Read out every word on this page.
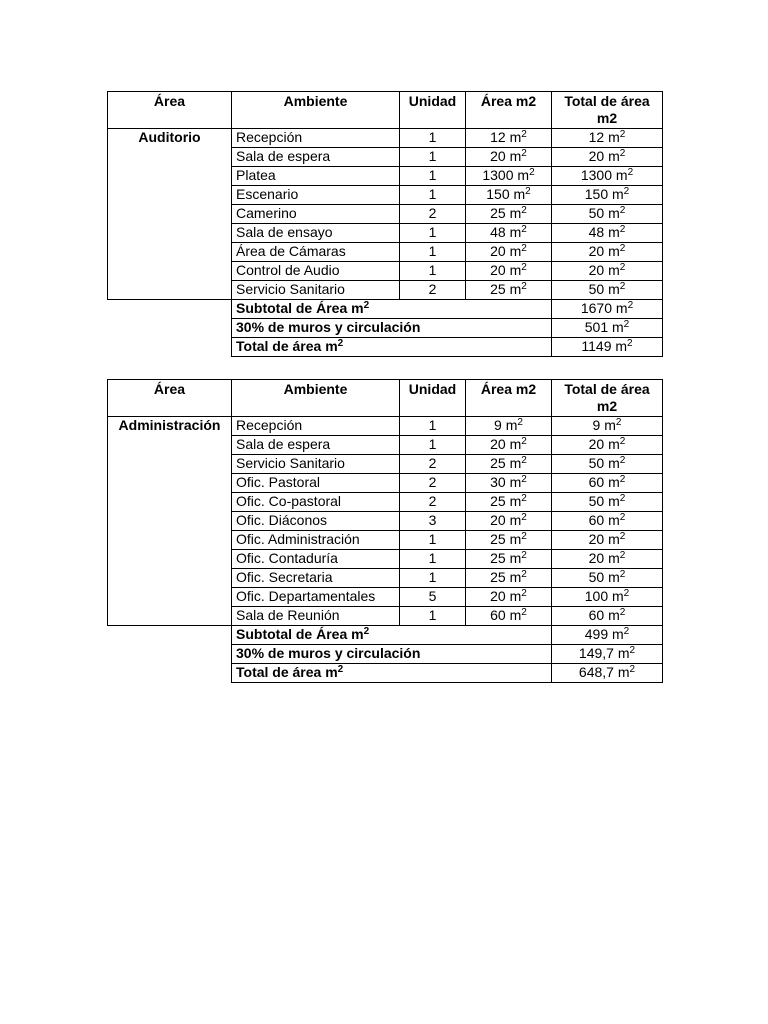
Área	Ambiente	Unidad	Área m2	Total de área m2
Auditorio	Recepción	1	12 $m^2$	12 $m^2$
	Sala de espera	1	20 $m^2$	20 $m^2$
	Platea	1	1300 $m^2$	1300 $m^2$
	Escenario	1	150 $m^2$	150 $m^2$
	Camerino	2	25 $m^2$	50 $m^2$
	Sala de ensayo	1	48 $m^2$	48 $m^2$
	Área de Cámaras	1	20 $m^2$	20 $m^2$
	Control de Audio	1	20 $m^2$	20 $m^2$
	Servicio Sanitario	2	25 $m^2$	50 $m^2$
	Subtotal de Área $m^2$			1670 $m^2$
	30% de muros y circulación			501 $m^2$
	Total de área $m^2$			1149 $m^2$
Área	Ambiente	Unidad	Área m2	Total de área m2
Administración	Recepción	1	9 $m^2$	9 $m^2$
	Sala de espera	1	20 $m^2$	20 $m^2$
	Servicio Sanitario	2	25 $m^2$	50 $m^2$
	Ofic. Pastoral	2	30 $m^2$	60 $m^2$
	Ofic. Co-pastoral	2	25 $m^2$	50 $m^2$
	Ofic. Diáconos	3	20 $m^2$	60 $m^2$
	Ofic. Administración	1	25 $m^2$	20 $m^2$
	Ofic. Contaduría	1	25 $m^2$	20 $m^2$
	Ofic. Secretaria	1	25 $m^2$	50 $m^2$
	Ofic. Departamentales	5	20 $m^2$	100 $m^2$
	Sala de Reunión	1	60 $m^2$	60 $m^2$
	Subtotal de Área $m^2$			499 $m^2$
	30% de muros y circulación			149,7 $m^2$
	Total de área $m^2$			648,7 $m^2$
